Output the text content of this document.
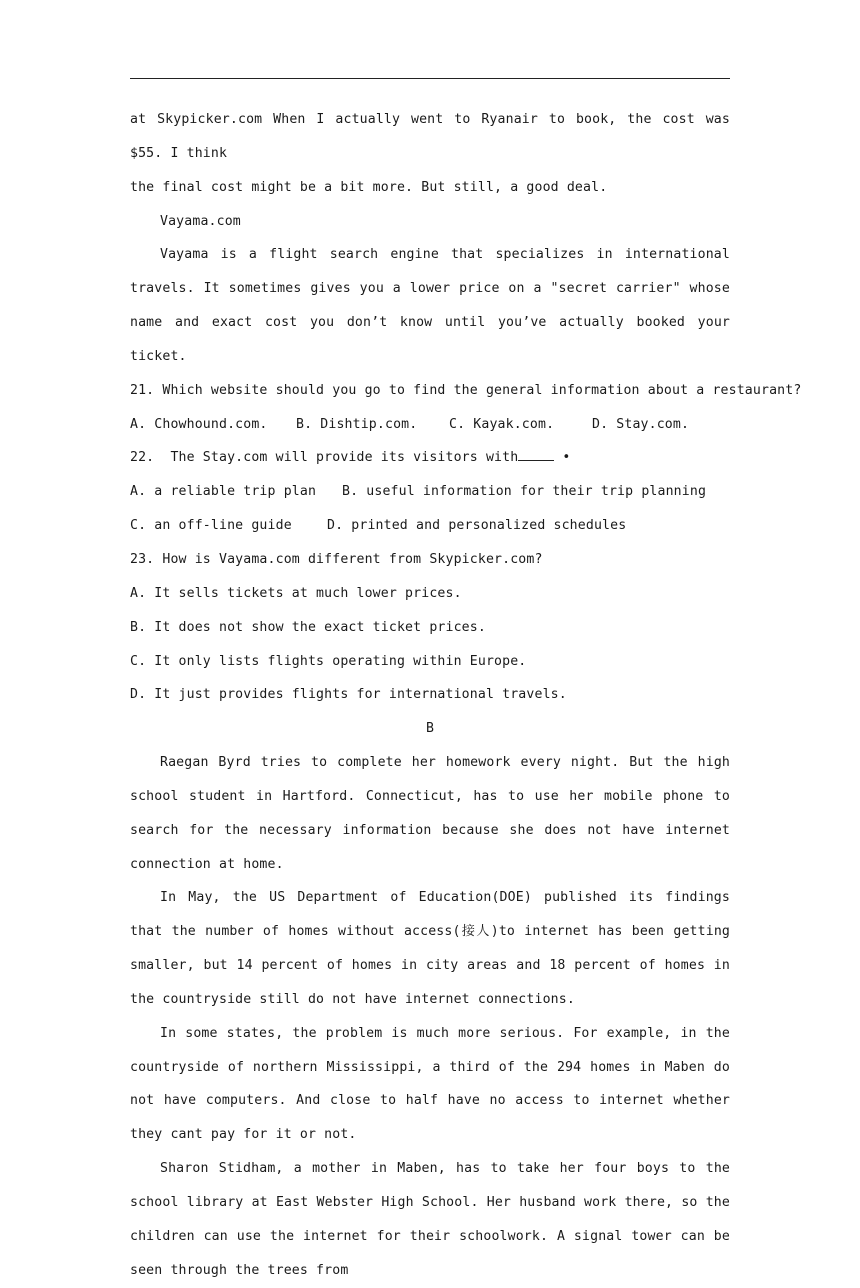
at Skypicker.com When I actually went to Ryanair to book, the cost was $55. I think

the final cost might be a bit more. But still, a good deal.

Vayama.com

Vayama is a flight search engine that specializes in international travels. It sometimes gives you a lower price on a "secret carrier" whose name and exact cost you don’t know until you’ve actually booked your ticket.

21. Which website should you go to find the general information about a restaurant?

A. Chowhound.com.	B. Dishtip.com.	C. Kayak.com.	D. Stay.com.

22.  The Stay.com will provide its visitors with	•

A. a reliable trip plan	B. useful information for their trip planning

C. an off-line guide	D. printed and personalized schedules

23. How is Vayama.com different from Skypicker.com?

A. It sells tickets at much lower prices.

B. It does not show the exact ticket prices.

C. It only lists flights operating within Europe.

D. It just provides flights for international travels.

B

Raegan Byrd tries to complete her homework every night. But the high school student in Hartford. Connecticut, has to use her mobile phone to search for the necessary information because she does not have internet connection at home.

In May, the US Department of Education(DOE) published its findings that the number of homes without access(接人)to internet has been getting smaller, but 14 percent of homes in city areas and 18 percent of homes in the countryside still do not have internet connections.

In some states, the problem is much more serious. For example, in the countryside of northern Mississippi, a third of the 294 homes in Maben do not have computers. And close to half have no access to internet whether they cant pay for it or not.

Sharon Stidham, a mother in Maben, has to take her four boys to the school library at East Webster High School. Her husband work there, so the children can use the internet for their schoolwork. A signal tower can be seen through the trees from
